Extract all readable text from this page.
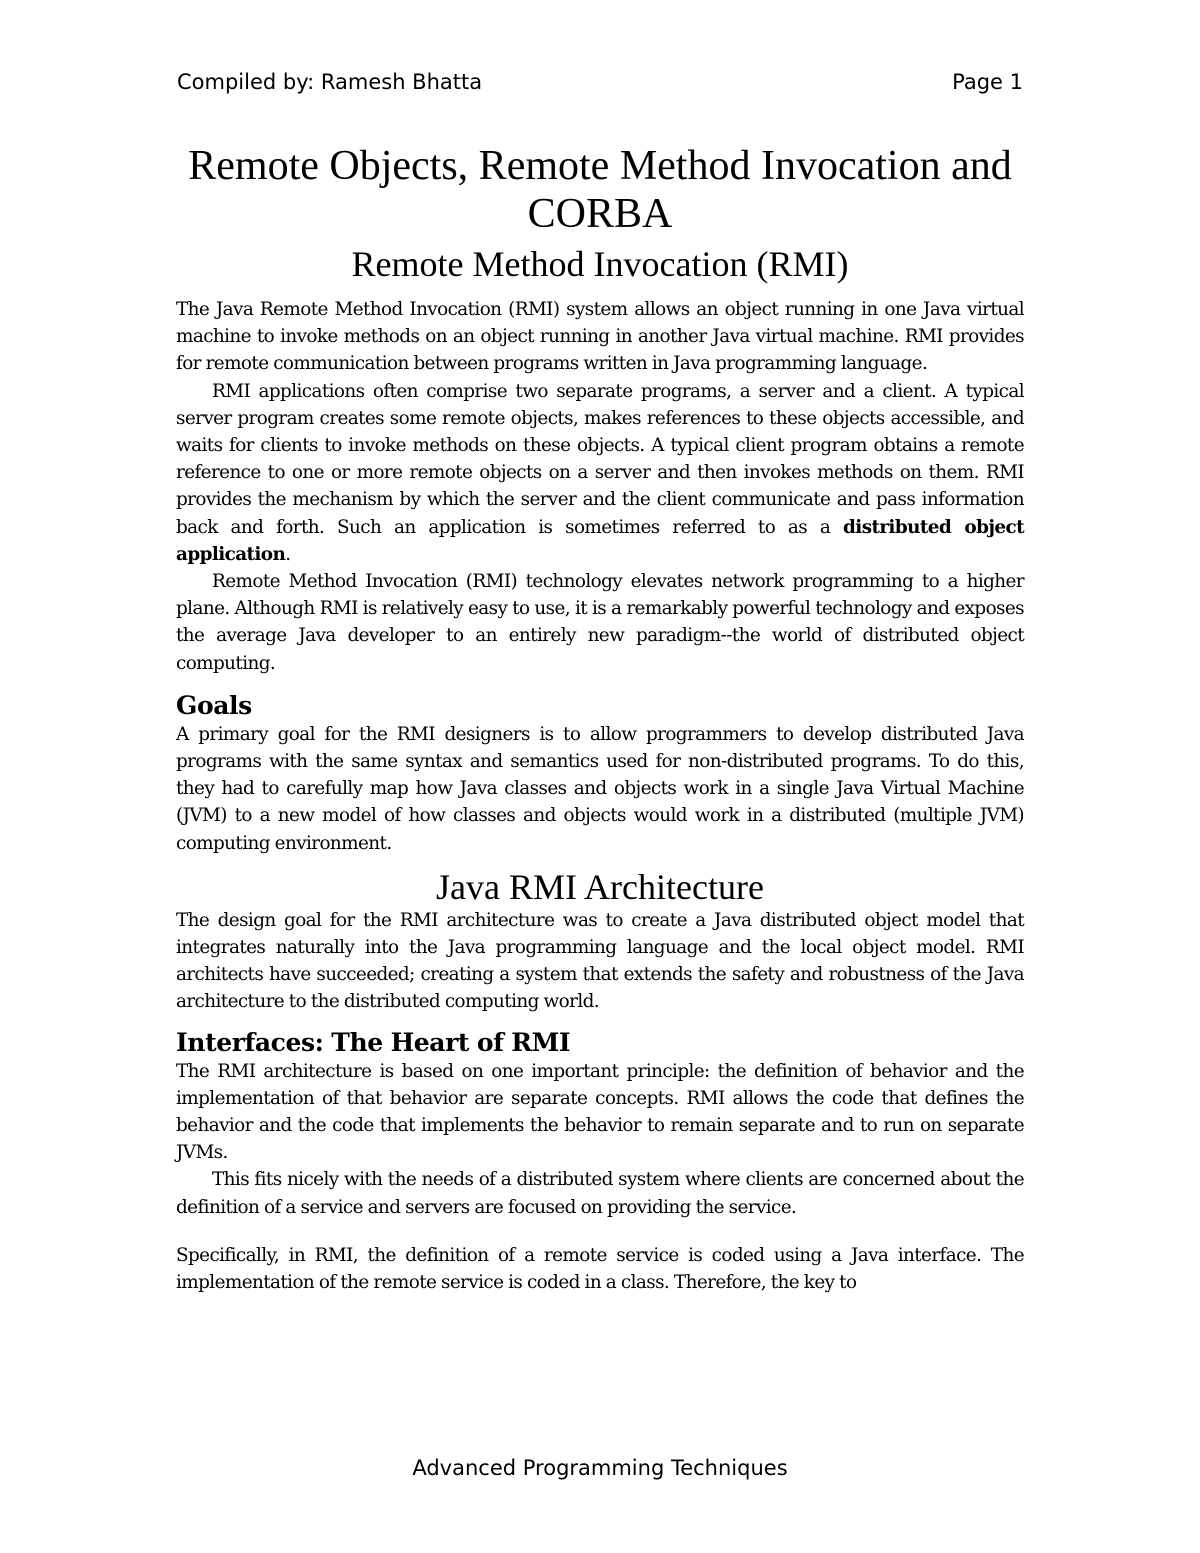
Compiled by: Ramesh Bhatta	Page 1
Remote Objects, Remote Method Invocation and
CORBA
Remote Method Invocation (RMI)

The Java Remote Method Invocation (RMI) system allows an object running in one Java virtual machine to invoke methods on an object running in another Java virtual machine. RMI provides for remote communication between programs written in Java programming language.

RMI applications often comprise two separate programs, a server and a client. A typical server program creates some remote objects, makes references to these objects accessible, and waits for clients to invoke methods on these objects. A typical client program obtains a remote reference to one or more remote objects on a server and then invokes methods on them. RMI provides the mechanism by which the server and the client communicate and pass information back and forth. Such an application is sometimes referred to as a distributed object application.

Remote Method Invocation (RMI) technology elevates network programming to a higher plane. Although RMI is relatively easy to use, it is a remarkably powerful technology and exposes the average Java developer to an entirely new paradigm--the world of distributed object computing.

Goals

A primary goal for the RMI designers is to allow programmers to develop distributed Java programs with the same syntax and semantics used for non-distributed programs. To do this, they had to carefully map how Java classes and objects work in a single Java Virtual Machine (JVM) to a new model of how classes and objects would work in a distributed (multiple JVM) computing environment.

Java RMI Architecture

The design goal for the RMI architecture was to create a Java distributed object model that integrates naturally into the Java programming language and the local object model. RMI architects have succeeded; creating a system that extends the safety and robustness of the Java architecture to the distributed computing world.

Interfaces: The Heart of RMI

The RMI architecture is based on one important principle: the definition of behavior and the implementation of that behavior are separate concepts. RMI allows the code that defines the behavior and the code that implements the behavior to remain separate and to run on separate JVMs.

This fits nicely with the needs of a distributed system where clients are concerned about the definition of a service and servers are focused on providing the service.

Specifically, in RMI, the definition of a remote service is coded using a Java interface. The implementation of the remote service is coded in a class. Therefore, the key to

Advanced Programming Techniques
